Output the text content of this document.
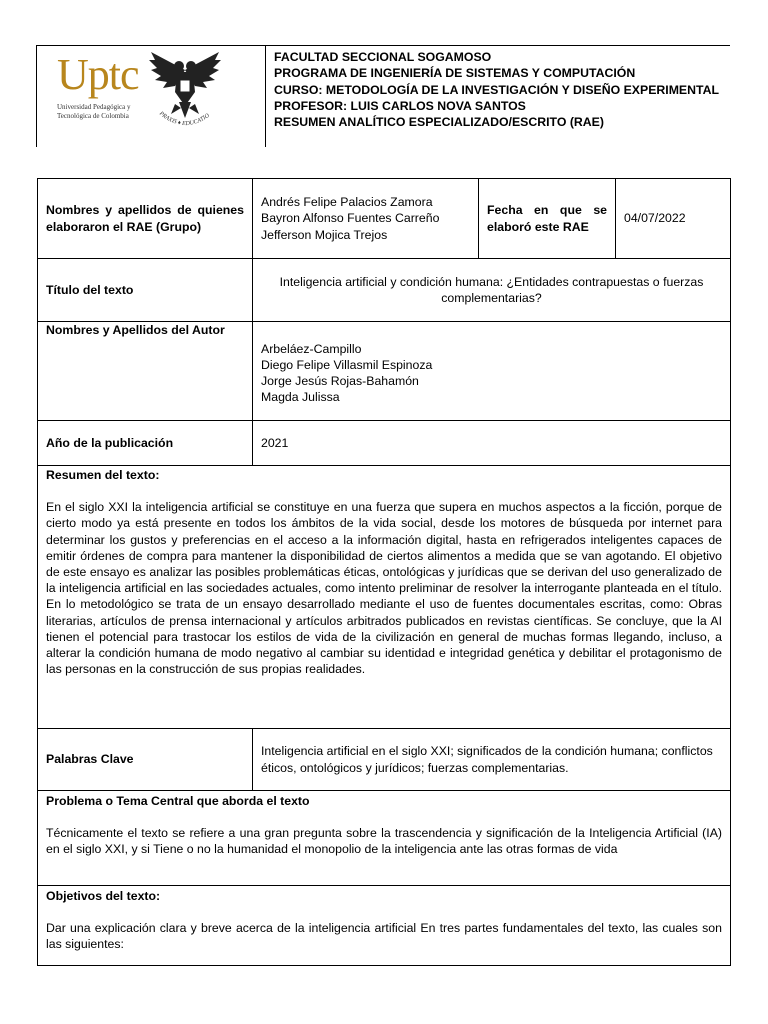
Uptc
Universidad Pedagógica y
Tecnológica de Colombia	PRAXIS ♦ EDUCATIO
FACULTAD SECCIONAL SOGAMOSO
PROGRAMA DE INGENIERÍA DE SISTEMAS Y COMPUTACIÓN
CURSO: METODOLOGÍA DE LA INVESTIGACIÓN Y DISEÑO EXPERIMENTAL
PROFESOR: LUIS CARLOS NOVA SANTOS
RESUMEN ANALÍTICO ESPECIALIZADO/ESCRITO (RAE)
Nombres y apellidos de quienes elaboraron el RAE (Grupo)	Andrés Felipe Palacios Zamora
Bayron Alfonso Fuentes Carreño
Jefferson Mojica Trejos	Fecha en que se elaboró este RAE	04/07/2022
Título del texto	Inteligencia artificial y condición humana: ¿Entidades contrapuestas o fuerzas complementarias?		
Nombres y Apellidos del Autor	Arbeláez-Campillo
Diego Felipe Villasmil Espinoza
Jorge Jesús Rojas-Bahamón
Magda Julissa		

Año de la publicación	2021		

Resumen del texto:

En el siglo XXI la inteligencia artificial se constituye en una fuerza que supera en muchos aspectos a la ficción, porque de cierto modo ya está presente en todos los ámbitos de la vida social, desde los motores de búsqueda por internet para determinar los gustos y preferencias en el acceso a la información digital, hasta en refrigerados inteligentes capaces de emitir órdenes de compra para mantener la disponibilidad de ciertos alimentos a medida que se van agotando. El objetivo de este ensayo es analizar las posibles problemáticas éticas, ontológicas y jurídicas que se derivan del uso generalizado de la inteligencia artificial en las sociedades actuales, como intento preliminar de resolver la interrogante planteada en el título. En lo metodológico se trata de un ensayo desarrollado mediante el uso de fuentes documentales escritas, como: Obras literarias, artículos de prensa internacional y artículos arbitrados publicados en revistas científicas. Se concluye, que la AI tienen el potencial para trastocar los estilos de vida de la civilización en general de muchas formas llegando, incluso, a alterar la condición humana de modo negativo al cambiar su identidad e integridad genética y debilitar el protagonismo de las personas en la construcción de sus propias realidades.			

Palabras Clave	Inteligencia artificial en el siglo XXI; significados de la condición humana; conflictos éticos, ontológicos y jurídicos; fuerzas complementarias.		

Problema o Tema Central que aborda el texto

Técnicamente el texto se refiere a una gran pregunta sobre la trascendencia y significación de la Inteligencia Artificial (IA) en el siglo XXI, y si Tiene o no la humanidad el monopolio de la inteligencia ante las otras formas de vida			

Objetivos del texto:

Dar una explicación clara y breve acerca de la inteligencia artificial En tres partes fundamentales del texto, las cuales son las siguientes:			
